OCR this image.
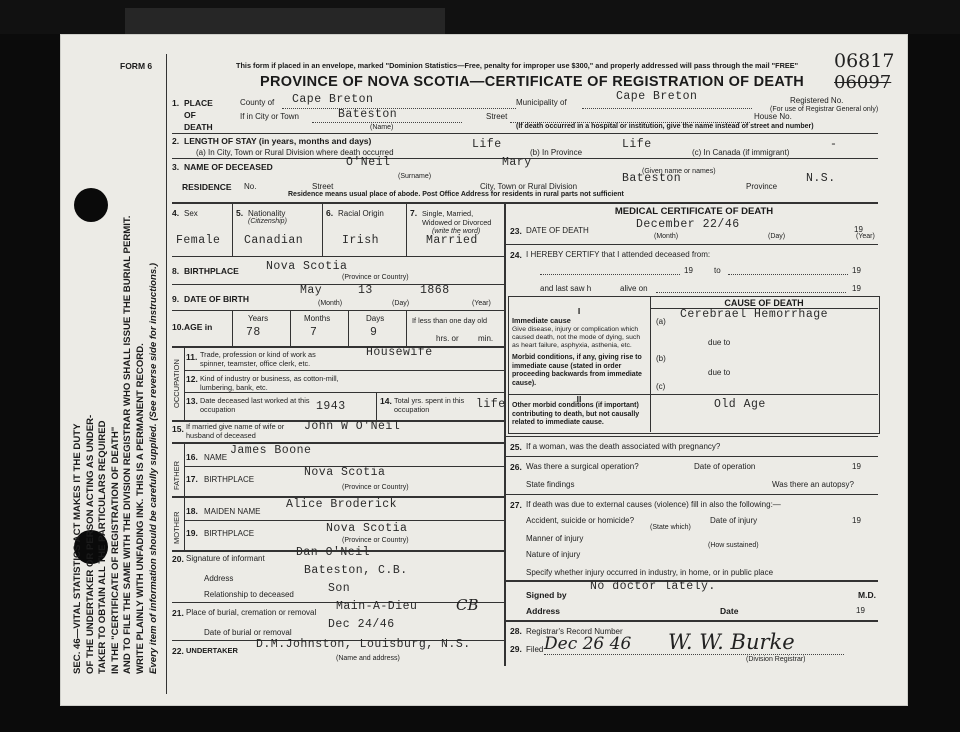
SEC. 46—VITAL STATISTICS ACT MAKES IT THE DUTY OF THE UNDERTAKER OR PERSON ACTING AS UNDER- TAKER TO OBTAIN ALL THE PARTICULARS REQUIRED IN THE "CERTIFICATE OF REGISTRATION OF DEATH" AND TO FILE THE SAME WITH THE DIVISION REGISTRAR WHO SHALL ISSUE THE BURIAL PERMIT. WRITE PLAINLY WITH UNFADING INK. THIS IS A PERMANENT RECORD. Every item of information should be carefully supplied. (See reverse side for instructions.)
FORM 6	This form if placed in an envelope, marked "Dominion Statistics—Free, penalty for improper use $300," and properly addressed will pass through the mail "FREE" 06817
06097
PROVINCE OF NOVA SCOTIA—CERTIFICATE OF REGISTRATION OF DEATH
1. PLACE OF DEATH
County of Cape Breton	Municipality of	Cape Breton	Registered No.
(For use of Registrar General only)
If in City or Town	Bateston
(Name)
Street	House No.
(If death occurred in a hospital or institution, give the name instead of street and number)
2. LENGTH OF STAY (in years, months and days)
(a) In City, Town or Rural Division where death occurred
Life
(b) In Province
Life
(c) In Canada (if immigrant)
-
3. NAME OF DECEASED	O'Neil	Mary
(Surname)
(Given name or names)
RESIDENCE No.	Street	City, Town or Rural Division
Bateston
Province
N.S.
Residence means usual place of abode. Post Office Address for residents in rural parts not sufficient
4. Sex
Female
5. Nationality
(Citizenship)
Canadian
6. Racial Origin
Irish
7. Single, Married, Widowed or Divorced
(write the word)
Married
8. BIRTHPLACE Nova Scotia
(Province or Country)
9. DATE OF BIRTH
May	13	1868
(Month)	(Day)	(Year)
10. AGE in
Years	Months	Days
78	7	9
If less than one day old
hrs. or min.
OCCUPATION
11. Trade, profession or kind of work as spinner, teamster, office clerk, etc.
Housewife
12. Kind of industry or business, as cotton-mill, lumbering, bank, etc.
13. Date deceased last worked at this occupation	1943	14. Total yrs. spent in this occupation	life
15. If married give name of wife or husband of deceased
John W O'Neil
FATHER
16. NAME
James Boone
17. BIRTHPLACE
Nova Scotia
(Province or Country)
MOTHER
18. MAIDEN NAME
Alice Broderick
19. BIRTHPLACE	Nova Scotia
(Province or Country)
20. Signature of informant	Dan O'Neil
Address
Bateston, C.B.
Relationship to deceased	Son
21. Place of burial, cremation or removal Main-A-Dieu	CB
Date of burial or removal
Dec 24/46
22. UNDERTAKER D.M.Johnston, Louisburg, N.S.
(Name and address)
MEDICAL CERTIFICATE OF DEATH
23. DATE OF DEATH	December 22/46	19
(Month)	(Day)	(Year)
24. I HEREBY CERTIFY that I attended deceased from:
19	to	19
and last saw h	alive on	19
CAUSE OF DEATH
I
Immediate cause
Give disease, injury or complication which caused death, not the mode of dying, such as heart failure, asphyxia, asthenia, etc.
(a)
Cerebrael Hemorrhage
due to
(b)
due to
(c)
Morbid conditions, if any, giving rise to immediate cause (stated in order proceeding backwards from immediate cause).
II
Other morbid conditions (if important) contributing to death, but not causally related to immediate cause.
Old Age
25. If a woman, was the death associated with pregnancy?
26. Was there a surgical operation?	Date of operation	19
State findings	Was there an autopsy?
27. If death was due to external causes (violence) fill in also the following:—
Accident, suicide or homicide?
(State which)
Date of injury	19
Manner of injury
(How sustained)
Nature of injury
Specify whether injury occurred in industry, in home, or in public place
Signed by
No doctor lately.
M.D.
Address	Date	19
28. Registrar's Record Number
29. Filed Dec 26 46 W. W. Burke
(Division Registrar)
